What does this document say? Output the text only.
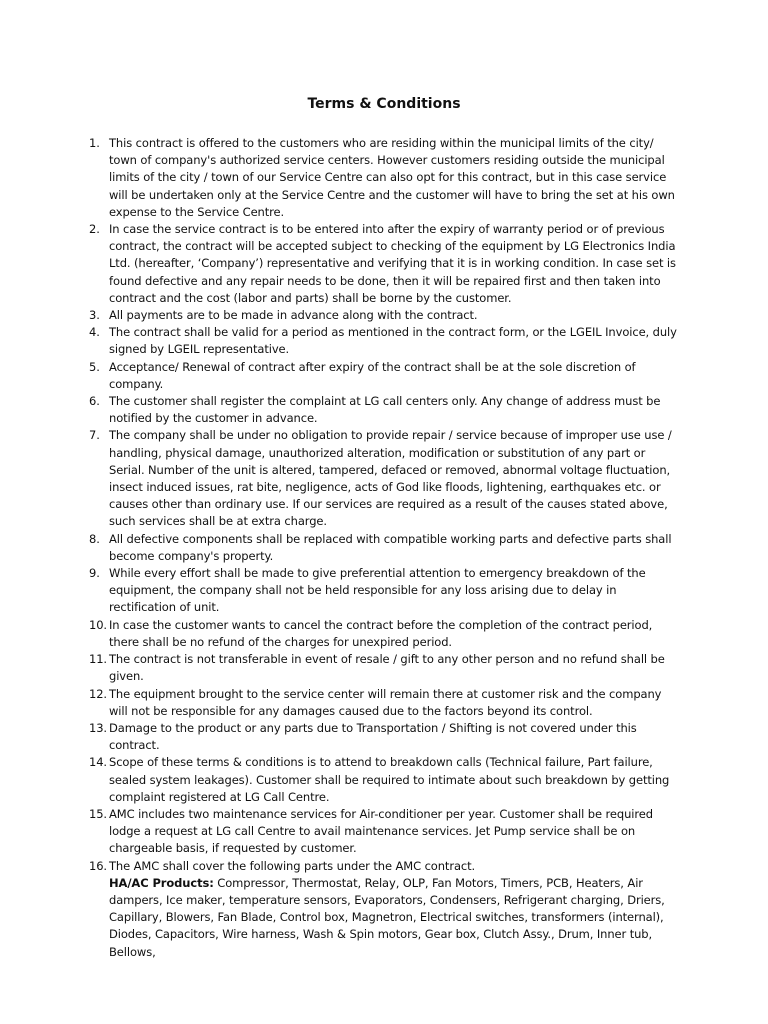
Terms & Conditions
1. This contract is offered to the customers who are residing within the municipal limits of the city/ town of company's authorized service centers. However customers residing outside the municipal limits of the city / town of our Service Centre can also opt for this contract, but in this case service will be undertaken only at the Service Centre and the customer will have to bring the set at his own expense to the Service Centre.
2. In case the service contract is to be entered into after the expiry of warranty period or of previous contract, the contract will be accepted subject to checking of the equipment by LG Electronics India Ltd. (hereafter, ‘Company’) representative and verifying that it is in working condition. In case set is found defective and any repair needs to be done, then it will be repaired first and then taken into contract and the cost (labor and parts) shall be borne by the customer.
3. All payments are to be made in advance along with the contract.
4. The contract shall be valid for a period as mentioned in the contract form, or the LGEIL Invoice, duly signed by LGEIL representative.
5. Acceptance/ Renewal of contract after expiry of the contract shall be at the sole discretion of company.
6. The customer shall register the complaint at LG call centers only. Any change of address must be notified by the customer in advance.
7. The company shall be under no obligation to provide repair / service because of improper use use / handling, physical damage, unauthorized alteration, modification or substitution of any part or Serial. Number of the unit is altered, tampered, defaced or removed, abnormal voltage fluctuation, insect induced issues, rat bite, negligence, acts of God like floods, lightening, earthquakes etc. or causes other than ordinary use. If our services are required as a result of the causes stated above, such services shall be at extra charge.
8. All defective components shall be replaced with compatible working parts and defective parts shall become company's property.
9. While every effort shall be made to give preferential attention to emergency breakdown of the equipment, the company shall not be held responsible for any loss arising due to delay in rectification of unit.
10. In case the customer wants to cancel the contract before the completion of the contract period, there shall be no refund of the charges for unexpired period.
11. The contract is not transferable in event of resale / gift to any other person and no refund shall be given.
12. The equipment brought to the service center will remain there at customer risk and the company will not be responsible for any damages caused due to the factors beyond its control.
13. Damage to the product or any parts due to Transportation / Shifting is not covered under this contract.
14. Scope of these terms & conditions is to attend to breakdown calls (Technical failure, Part failure, sealed system leakages). Customer shall be required to intimate about such breakdown by getting complaint registered at LG Call Centre.
15. AMC includes two maintenance services for Air-conditioner per year. Customer shall be required lodge a request at LG call Centre to avail maintenance services. Jet Pump service shall be on chargeable basis, if requested by customer.
16. The AMC shall cover the following parts under the AMC contract.
HA/AC Products: Compressor, Thermostat, Relay, OLP, Fan Motors, Timers, PCB, Heaters, Air dampers, Ice maker, temperature sensors, Evaporators, Condensers, Refrigerant charging, Driers, Capillary, Blowers, Fan Blade, Control box, Magnetron, Electrical switches, transformers (internal), Diodes, Capacitors, Wire harness, Wash & Spin motors, Gear box, Clutch Assy., Drum, Inner tub, Bellows,
